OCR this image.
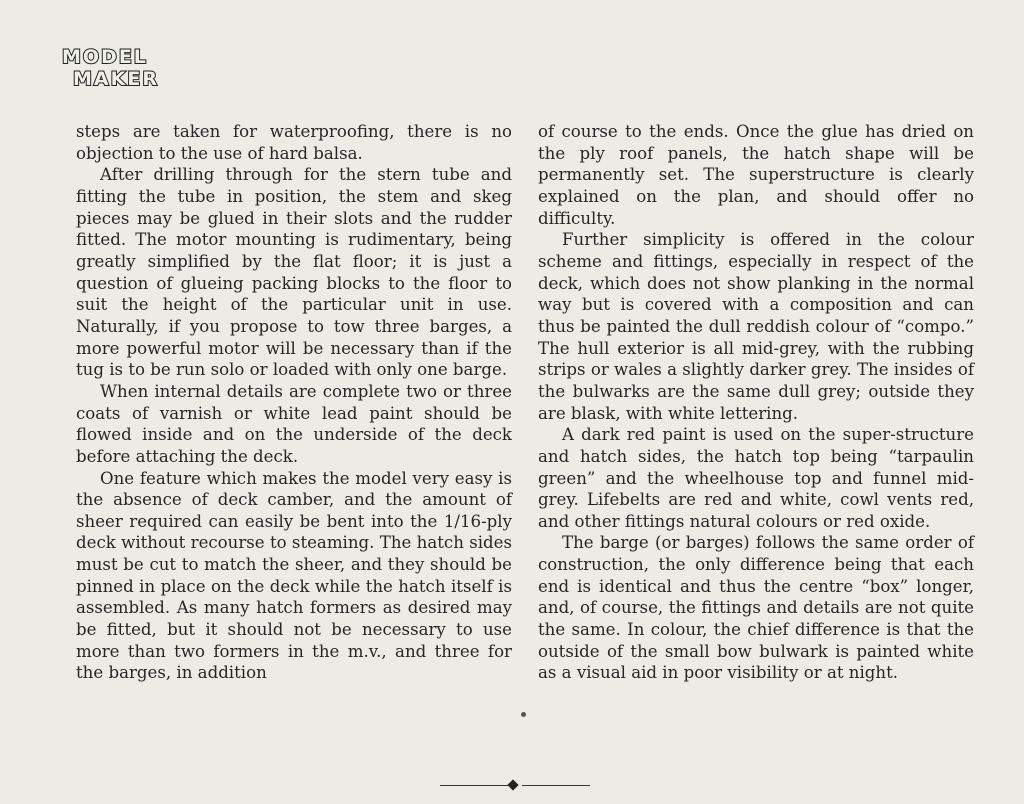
MODEL
MAKER

steps are taken for waterproofing, there is no objection to the use of hard balsa.

After drilling through for the stern tube and fitting the tube in position, the stem and skeg pieces may be glued in their slots and the rudder fitted. The motor mounting is rudimentary, being greatly simplified by the flat floor; it is just a question of glueing packing blocks to the floor to suit the height of the particular unit in use. Naturally, if you propose to tow three barges, a more powerful motor will be necessary than if the tug is to be run solo or loaded with only one barge.

When internal details are complete two or three coats of varnish or white lead paint should be flowed inside and on the underside of the deck before attaching the deck.

One feature which makes the model very easy is the absence of deck camber, and the amount of sheer required can easily be bent into the 1/16-ply deck without recourse to steaming. The hatch sides must be cut to match the sheer, and they should be pinned in place on the deck while the hatch itself is assembled. As many hatch formers as desired may be fitted, but it should not be necessary to use more than two formers in the m.v., and three for the barges, in addition

of course to the ends. Once the glue has dried on the ply roof panels, the hatch shape will be permanently set. The superstructure is clearly explained on the plan, and should offer no difficulty.

Further simplicity is offered in the colour scheme and fittings, especially in respect of the deck, which does not show planking in the normal way but is covered with a composition and can thus be painted the dull reddish colour of “compo.” The hull exterior is all mid-grey, with the rubbing strips or wales a slightly darker grey. The insides of the bulwarks are the same dull grey; outside they are blask, with white lettering.

A dark red paint is used on the super-structure and hatch sides, the hatch top being “tarpaulin green” and the wheelhouse top and funnel mid-grey. Lifebelts are red and white, cowl vents red, and other fittings natural colours or red oxide.

The barge (or barges) follows the same order of construction, the only difference being that each end is identical and thus the centre “box” longer, and, of course, the fittings and details are not quite the same. In colour, the chief difference is that the outside of the small bow bulwark is painted white as a visual aid in poor visibility or at night.
